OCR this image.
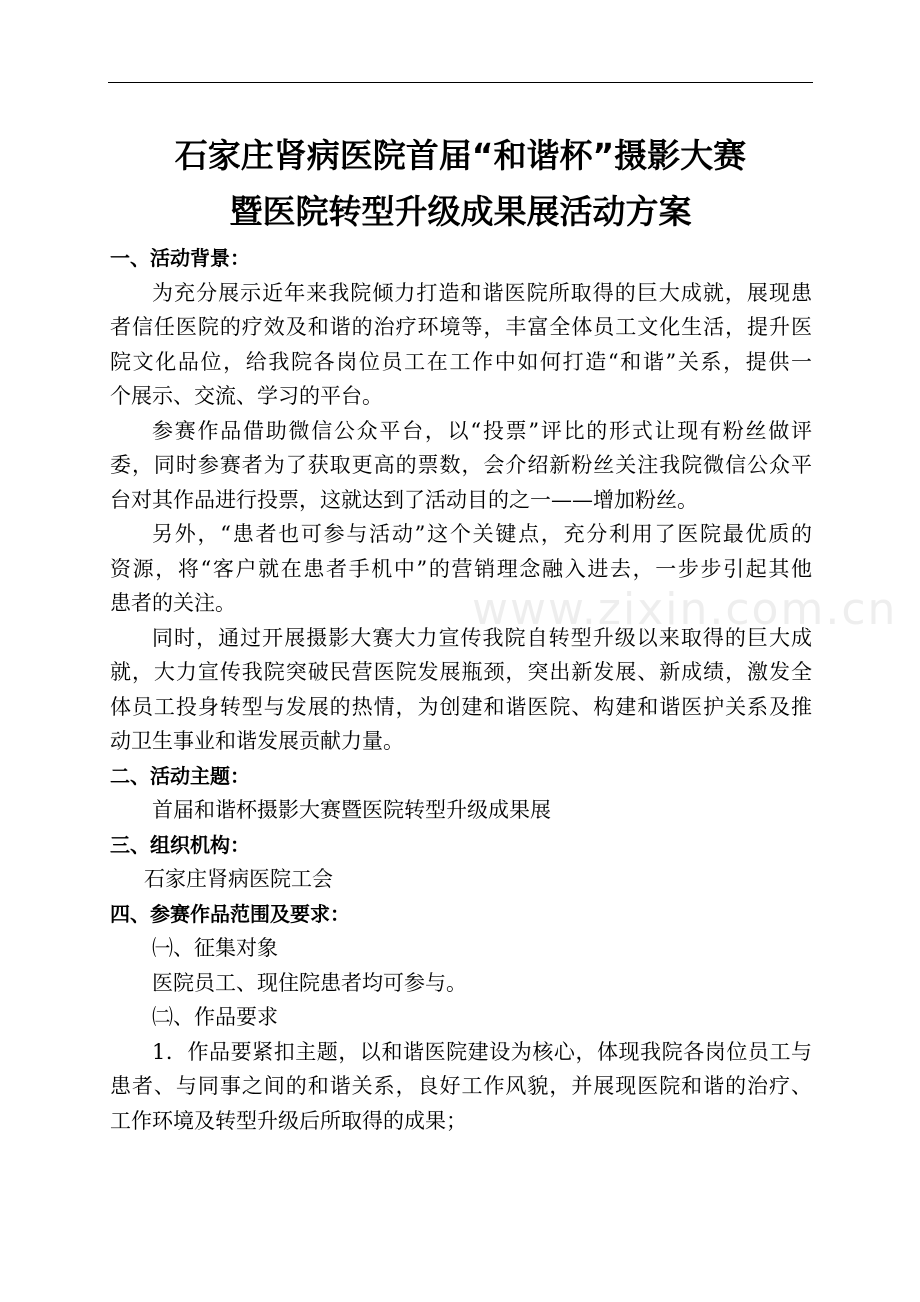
石家庄肾病医院首届“和谐杯”摄影大赛
暨医院转型升级成果展活动方案
www.zixin.com.cn
一、活动背景：
为充分展示近年来我院倾力打造和谐医院所取得的巨大成就，展现患
者信任医院的疗效及和谐的治疗环境等，丰富全体员工文化生活，提升医
院文化品位，给我院各岗位员工在工作中如何打造“和谐”关系，提供一
个展示、交流、学习的平台。
参赛作品借助微信公众平台，以“投票”评比的形式让现有粉丝做评
委，同时参赛者为了获取更高的票数，会介绍新粉丝关注我院微信公众平
台对其作品进行投票，这就达到了活动目的之一——增加粉丝。
另外，“患者也可参与活动”这个关键点，充分利用了医院最优质的
资源，将“客户就在患者手机中”的营销理念融入进去，一步步引起其他
患者的关注。
同时，通过开展摄影大赛大力宣传我院自转型升级以来取得的巨大成
就，大力宣传我院突破民营医院发展瓶颈，突出新发展、新成绩，激发全
体员工投身转型与发展的热情，为创建和谐医院、构建和谐医护关系及推
动卫生事业和谐发展贡献力量。
二、活动主题：
首届和谐杯摄影大赛暨医院转型升级成果展
三、组织机构：
石家庄肾病医院工会
四、参赛作品范围及要求：
㈠、征集对象
医院员工、现住院患者均可参与。
㈡、作品要求
1．作品要紧扣主题，以和谐医院建设为核心，体现我院各岗位员工与
患者、与同事之间的和谐关系，良好工作风貌，并展现医院和谐的治疗、
工作环境及转型升级后所取得的成果；
